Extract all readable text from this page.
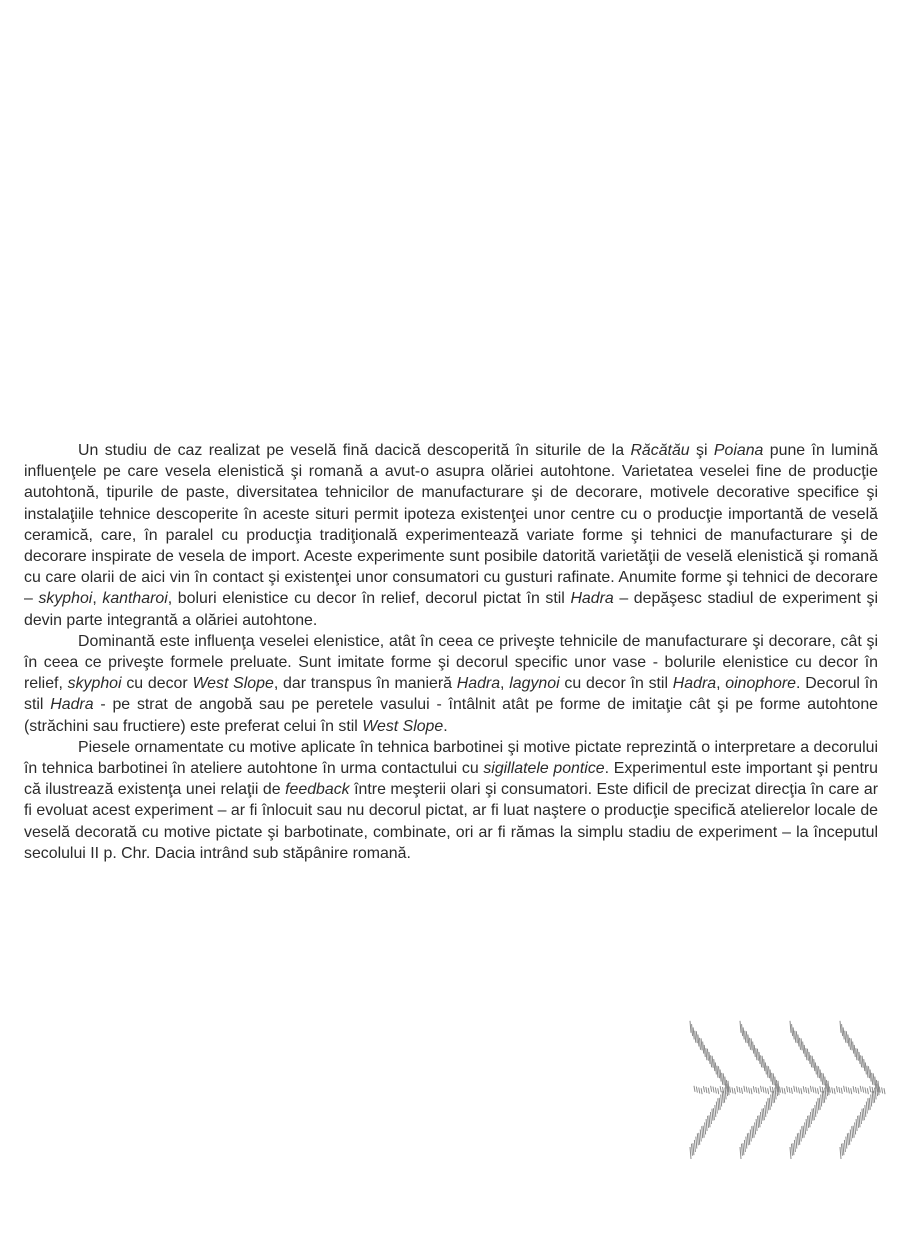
Un studiu de caz realizat pe veselă fină dacică descoperită în siturile de la Răcătău şi Poiana pune în lumină influenţele pe care vesela elenistică şi romană a avut-o asupra olăriei autohtone. Varietatea veselei fine de producţie autohtonă, tipurile de paste, diversitatea tehnicilor de manufacturare şi de decorare, motivele decorative specifice şi instalaţiile tehnice descoperite în aceste situri permit ipoteza existenţei unor centre cu o producţie importantă de veselă ceramică, care, în paralel cu producţia tradiţională experimentează variate forme şi tehnici de manufacturare şi de decorare inspirate de vesela de import. Aceste experimente sunt posibile datorită varietăţii de veselă elenistică şi romană cu care olarii de aici vin în contact şi existenţei unor consumatori cu gusturi rafinate. Anumite forme şi tehnici de decorare – skyphoi, kantharoi, boluri elenistice cu decor în relief, decorul pictat în stil Hadra – depăşesc stadiul de experiment şi devin parte integrantă a olăriei autohtone.

Dominantă este influenţa veselei elenistice, atât în ceea ce priveşte tehnicile de manufacturare şi decorare, cât şi în ceea ce priveşte formele preluate. Sunt imitate forme şi decorul specific unor vase - bolurile elenistice cu decor în relief, skyphoi cu decor West Slope, dar transpus în manieră Hadra, lagynoi cu decor în stil Hadra, oinophore. Decorul în stil Hadra - pe strat de angobă sau pe peretele vasului - întâlnit atât pe forme de imitaţie cât şi pe forme autohtone (străchini sau fructiere) este preferat celui în stil West Slope.

Piesele ornamentate cu motive aplicate în tehnica barbotinei şi motive pictate reprezintă o interpretare a decorului în tehnica barbotinei în ateliere autohtone în urma contactului cu sigillatele pontice. Experimentul este important şi pentru că ilustrează existenţa unei relaţii de feedback între meşterii olari şi consumatori. Este dificil de precizat direcţia în care ar fi evoluat acest experiment – ar fi înlocuit sau nu decorul pictat, ar fi luat naştere o producţie specifică atelierelor locale de veselă decorată cu motive pictate şi barbotinate, combinate, ori ar fi rămas la simplu stadiu de experiment – la începutul secolului II p. Chr. Dacia intrând sub stăpânire romană.
